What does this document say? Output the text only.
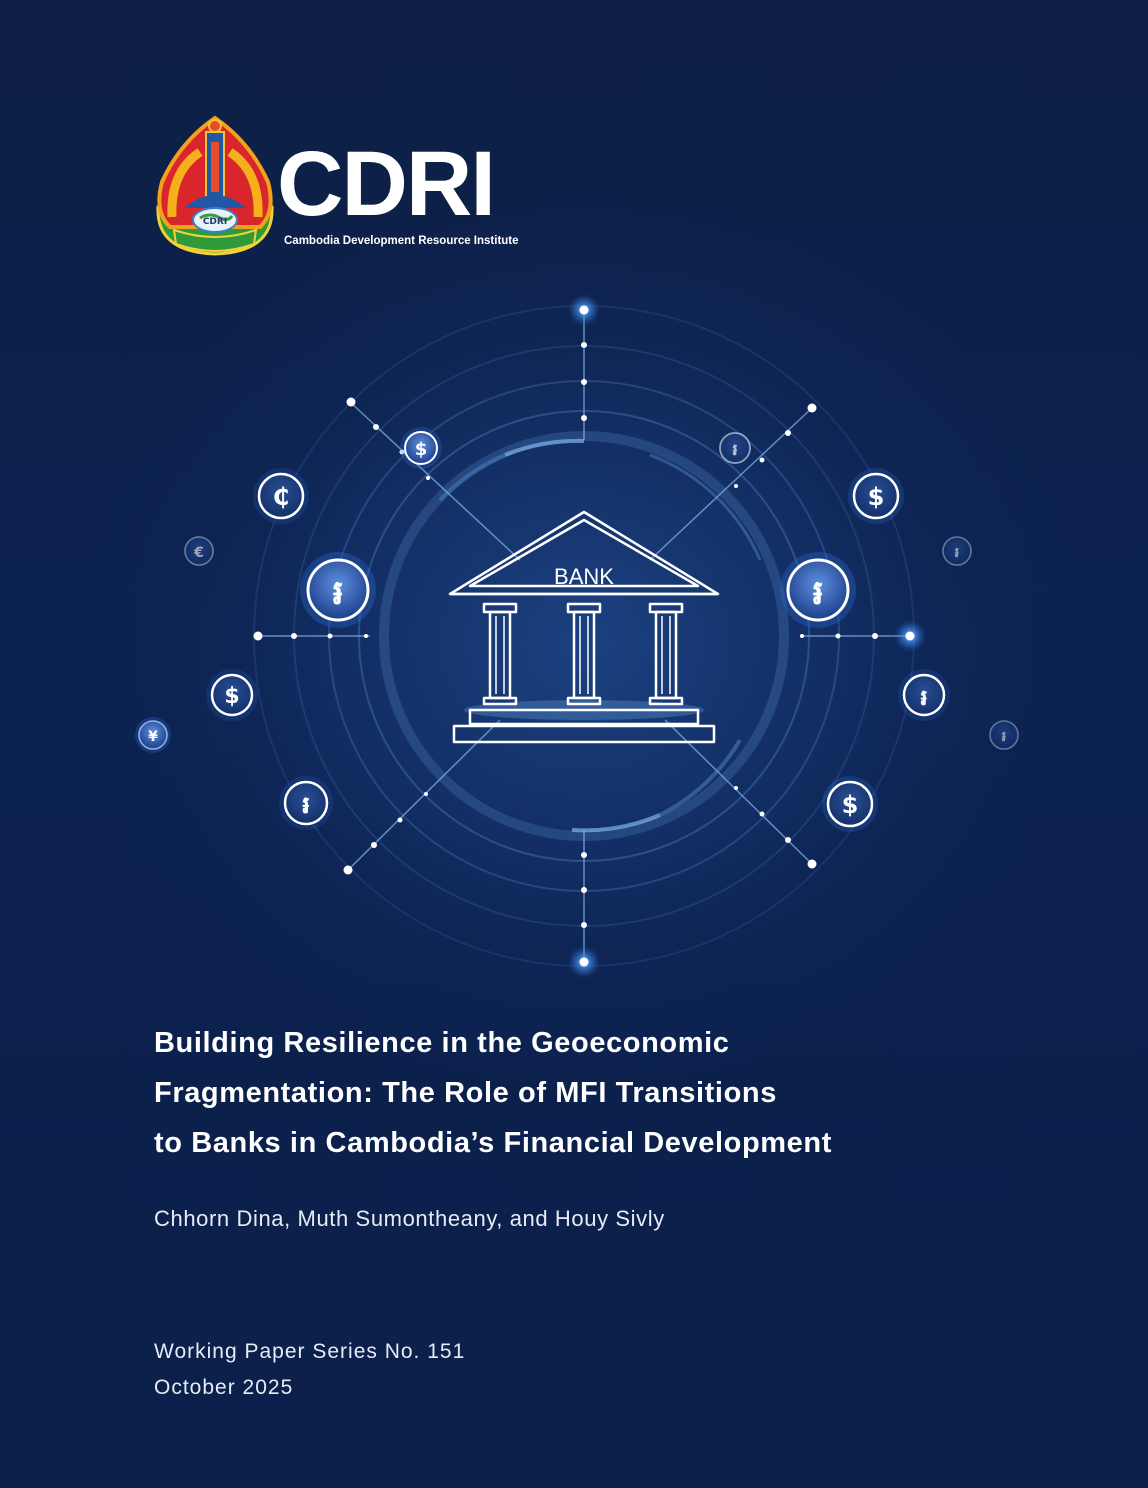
CDRI CDRI
Cambodia Development Resource Institute
៛	៛
$
$
₵
$
៛
៛
$	៛
€	៛
¥	៛
BANK
Building Resilience in the Geoeconomic
Fragmentation: The Role of MFI Transitions
to Banks in Cambodia’s Financial Development
Chhorn Dina, Muth Sumontheany, and Houy Sivly
Working Paper Series No. 151
October 2025
